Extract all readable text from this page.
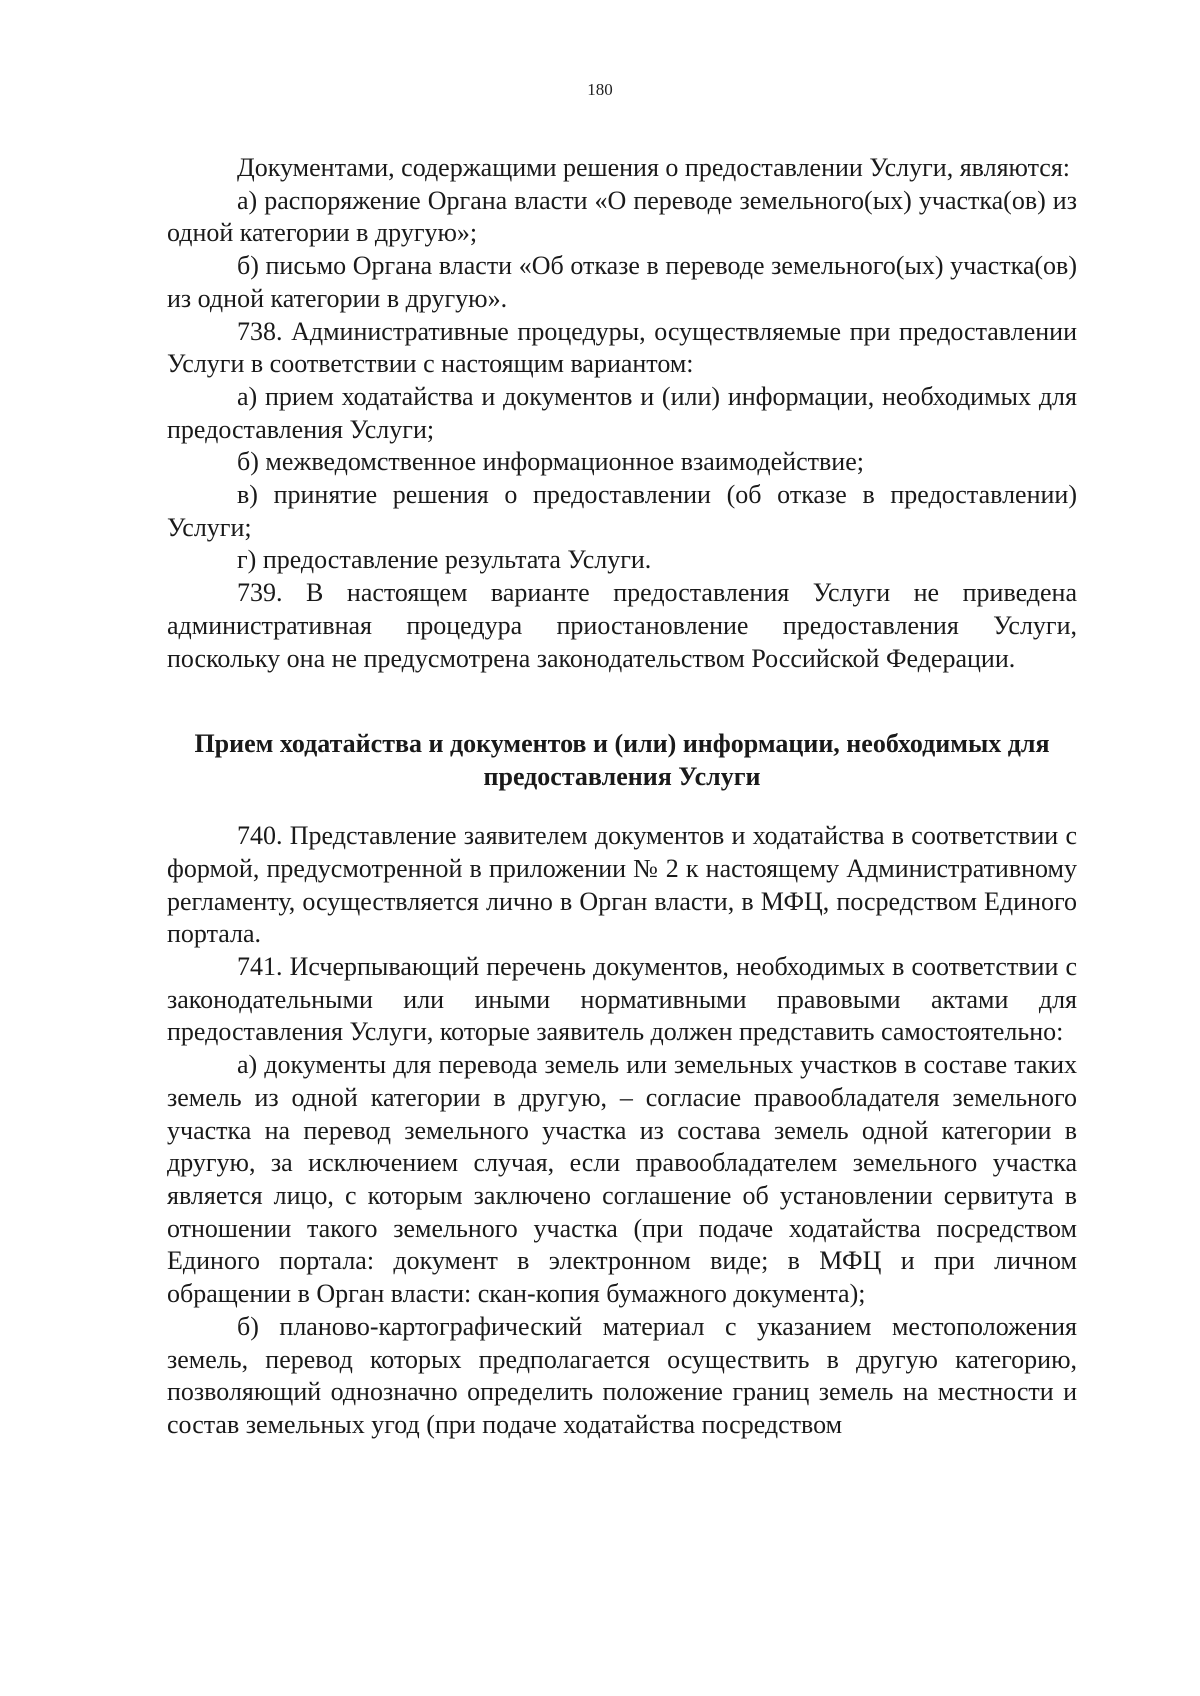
180

Документами, содержащими решения о предоставлении Услуги, являются:

а) распоряжение Органа власти «О переводе земельного(ых) участка(ов) из одной категории в другую»;

б) письмо Органа власти «Об отказе в переводе земельного(ых) участка(ов) из одной категории в другую».

738. Административные процедуры, осуществляемые при предоставлении Услуги в соответствии с настоящим вариантом:

а) прием ходатайства и документов и (или) информации, необходимых для предоставления Услуги;

б) межведомственное информационное взаимодействие;

в) принятие решения о предоставлении (об отказе в предоставлении) Услуги;

г) предоставление результата Услуги.

739. В настоящем варианте предоставления Услуги не приведена административная процедура приостановление предоставления Услуги, поскольку она не предусмотрена законодательством Российской Федерации.

Прием ходатайства и документов и (или) информации, необходимых для предоставления Услуги

740. Представление заявителем документов и ходатайства в соответствии с формой, предусмотренной в приложении № 2 к настоящему Административному регламенту, осуществляется лично в Орган власти, в МФЦ, посредством Единого портала.

741. Исчерпывающий перечень документов, необходимых в соответствии с законодательными или иными нормативными правовыми актами для предоставления Услуги, которые заявитель должен представить самостоятельно:

а) документы для перевода земель или земельных участков в составе таких земель из одной категории в другую, – согласие правообладателя земельного участка на перевод земельного участка из состава земель одной категории в другую, за исключением случая, если правообладателем земельного участка является лицо, с которым заключено соглашение об установлении сервитута в отношении такого земельного участка (при подаче ходатайства посредством Единого портала: документ в электронном виде; в МФЦ и при личном обращении в Орган власти: скан-копия бумажного документа);

б) планово-картографический материал с указанием местоположения земель, перевод которых предполагается осуществить в другую категорию, позволяющий однозначно определить положение границ земель на местности и состав земельных угод (при подаче ходатайства посредством
